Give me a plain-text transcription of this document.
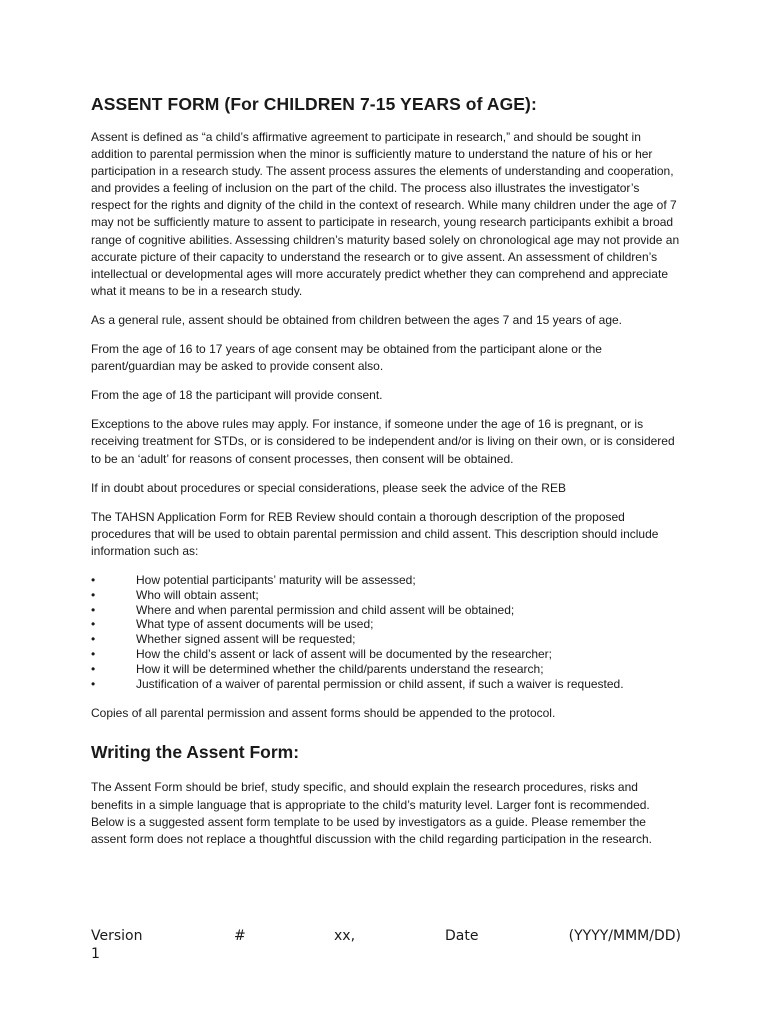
ASSENT FORM (For CHILDREN 7-15 YEARS of AGE):

Assent is defined as “a child’s affirmative agreement to participate in research,” and should be sought in addition to parental permission when the minor is sufficiently mature to understand the nature of his or her participation in a research study. The assent process assures the elements of understanding and cooperation, and provides a feeling of inclusion on the part of the child. The process also illustrates the investigator’s respect for the rights and dignity of the child in the context of research. While many children under the age of 7 may not be sufficiently mature to assent to participate in research, young research participants exhibit a broad range of cognitive abilities. Assessing children’s maturity based solely on chronological age may not provide an accurate picture of their capacity to understand the research or to give assent. An assessment of children’s intellectual or developmental ages will more accurately predict whether they can comprehend and appreciate what it means to be in a research study.

As a general rule, assent should be obtained from children between the ages 7 and 15 years of age.

From the age of 16 to 17 years of age consent may be obtained from the participant alone or the parent/guardian may be asked to provide consent also.

From the age of 18 the participant will provide consent.

Exceptions to the above rules may apply. For instance, if someone under the age of 16 is pregnant, or is receiving treatment for STDs, or is considered to be independent and/or is living on their own, or is considered to be an ‘adult’ for reasons of consent processes, then consent will be obtained.

If in doubt about procedures or special considerations, please seek the advice of the REB

The TAHSN Application Form for REB Review should contain a thorough description of the proposed procedures that will be used to obtain parental permission and child assent. This description should include information such as:

•	How potential participants’ maturity will be assessed;
•	Who will obtain assent;
•	Where and when parental permission and child assent will be obtained;
•	What type of assent documents will be used;
•	Whether signed assent will be requested;
•	How the child’s assent or lack of assent will be documented by the researcher;
•	How it will be determined whether the child/parents understand the research;
•	Justification of a waiver of parental permission or child assent, if such a waiver is requested.

Copies of all parental permission and assent forms should be appended to the protocol.

Writing the Assent Form:

The Assent Form should be brief, study specific, and should explain the research procedures, risks and benefits in a simple language that is appropriate to the child’s maturity level. Larger font is recommended. Below is a suggested assent form template to be used by investigators as a guide. Please remember the assent form does not replace a thoughtful discussion with the child regarding participation in the research.

Version
1
#	xx,	Date	(YYYY/MMM/DD)
